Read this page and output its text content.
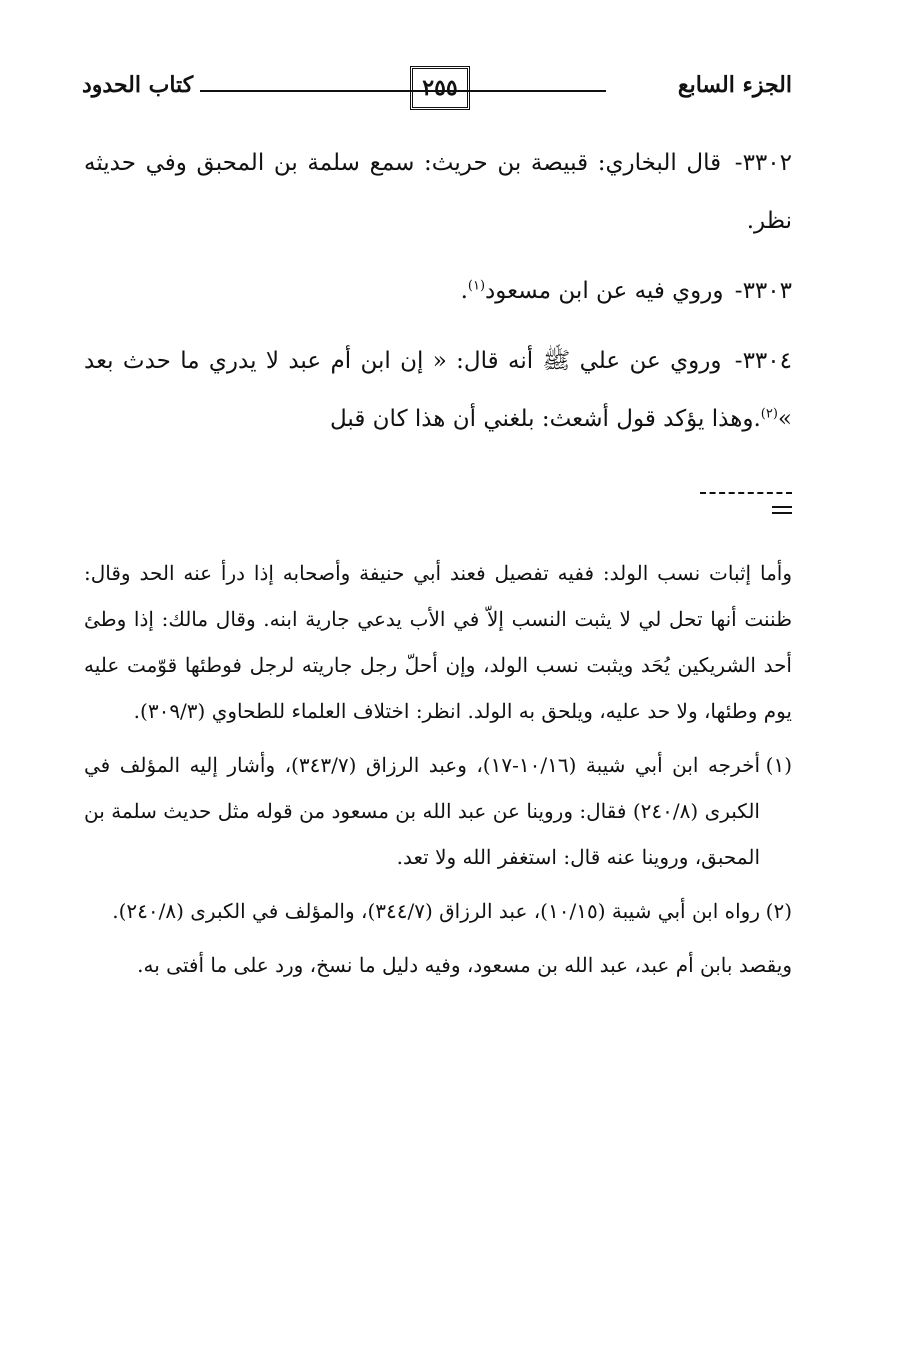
الجزء السابع
٢٥٥
كتاب الحدود

٣٣٠٢- قال البخاري: قبيصة بن حريث: سمع سلمة بن المحبق وفي حديثه نظر.

٣٣٠٣- وروي فيه عن ابن مسعود$^{(١)}$.

٣٣٠٤- وروي عن علي ﷺ أنه قال: « إن ابن أم عبد لا يدري ما حدث بعد »$^{(٢)}$.وهذا يؤكد قول أشعث: بلغني أن هذا كان قبل

وأما إثبات نسب الولد: ففيه تفصيل فعند أبي حنيفة وأصحابه إذا درأ عنه الحد وقال: ظننت أنها تحل لي لا يثبت النسب إلاّ في الأب يدعي جارية ابنه. وقال مالك: إذا وطئ أحد الشريكين يُحَد ويثبت نسب الولد، وإن أحلّ رجل جاريته لرجل فوطئها قوّمت عليه يوم وطئها، ولا حد عليه، ويلحق به الولد. انظر: اختلاف العلماء للطحاوي (٣٠٩/٣).

(١)أخرجه ابن أبي شيبة (١٠/١٦-١٧)، وعبد الرزاق (٣٤٣/٧)، وأشار إليه المؤلف في الكبرى (٢٤٠/٨) فقال: وروينا عن عبد الله بن مسعود من قوله مثل حديث سلمة بن المحبق، وروينا عنه قال: استغفر الله ولا تعد.

(٢)رواه ابن أبي شيبة (١٠/١٥)، عبد الرزاق (٣٤٤/٧)، والمؤلف في الكبرى (٢٤٠/٨).

ويقصد بابن أم عبد، عبد الله بن مسعود، وفيه دليل ما نسخ، ورد على ما أفتى به.
